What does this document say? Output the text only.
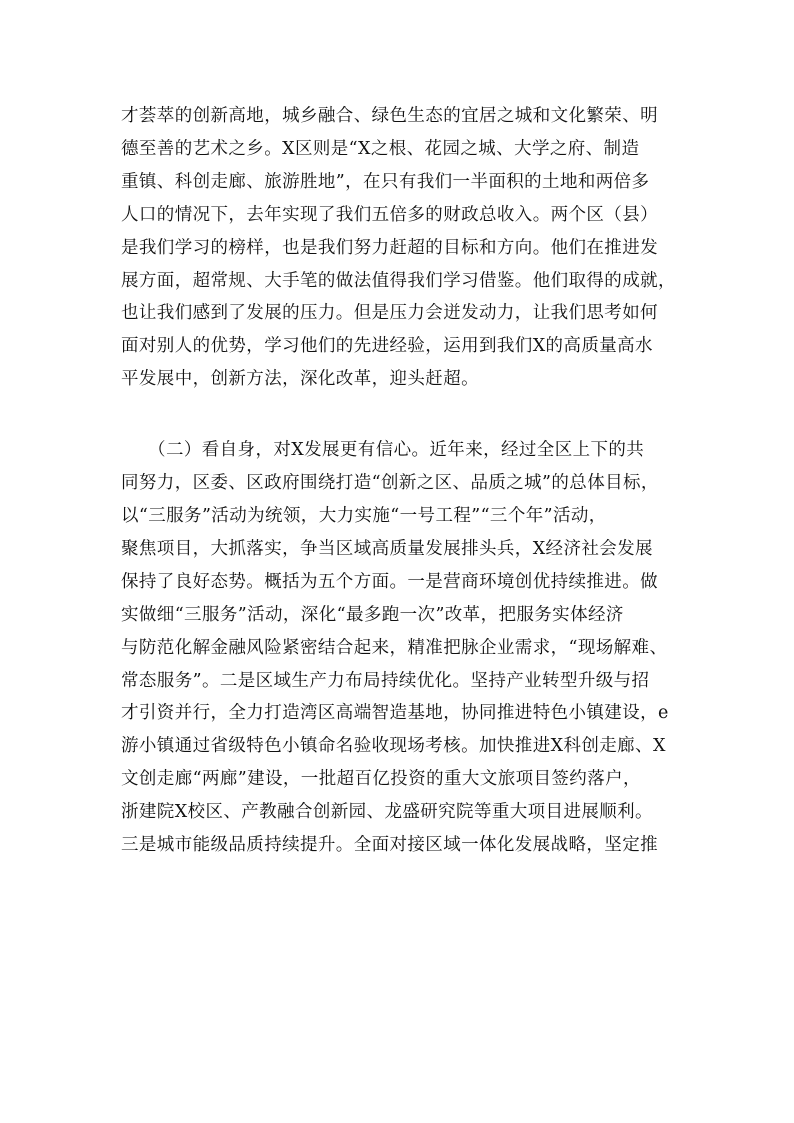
才荟萃的创新高地，城乡融合、绿色生态的宜居之城和文化繁荣、明
德至善的艺术之乡。X区则是“X之根、花园之城、大学之府、制造
重镇、科创走廊、旅游胜地”，在只有我们一半面积的土地和两倍多
人口的情况下，去年实现了我们五倍多的财政总收入。两个区（县）
是我们学习的榜样，也是我们努力赶超的目标和方向。他们在推进发
展方面，超常规、大手笔的做法值得我们学习借鉴。他们取得的成就，
也让我们感到了发展的压力。但是压力会迸发动力，让我们思考如何
面对别人的优势，学习他们的先进经验，运用到我们X的高质量高水
平发展中，创新方法，深化改革，迎头赶超。
　　（二）看自身，对X发展更有信心。近年来，经过全区上下的共
同努力，区委、区政府围绕打造“创新之区、品质之城”的总体目标，
以“三服务”活动为统领，大力实施“一号工程”“三个年”活动，
聚焦项目，大抓落实，争当区域高质量发展排头兵，X经济社会发展
保持了良好态势。概括为五个方面。一是营商环境创优持续推进。做
实做细“三服务”活动，深化“最多跑一次”改革，把服务实体经济
与防范化解金融风险紧密结合起来，精准把脉企业需求，“现场解难、
常态服务”。二是区域生产力布局持续优化。坚持产业转型升级与招
才引资并行，全力打造湾区高端智造基地，协同推进特色小镇建设，e
游小镇通过省级特色小镇命名验收现场考核。加快推进X科创走廊、X
文创走廊“两廊”建设，一批超百亿投资的重大文旅项目签约落户，
浙建院X校区、产教融合创新园、龙盛研究院等重大项目进展顺利。
三是城市能级品质持续提升。全面对接区域一体化发展战略，坚定推
